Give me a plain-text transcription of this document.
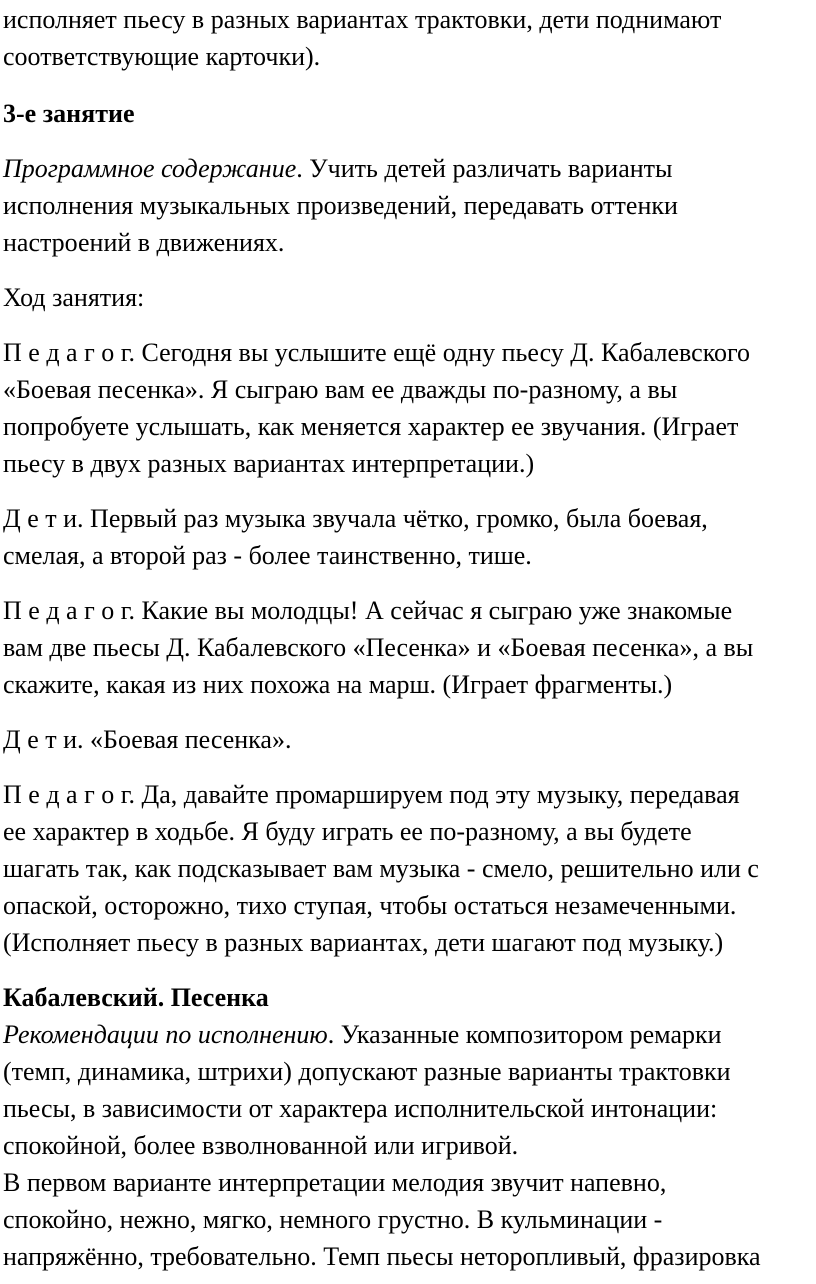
исполняет пьесу в разных вариантах трактовки, дети поднимают
соответствующие карточки).
3-е занятие
Программное содержание. Учить детей различать варианты
исполнения музыкальных произведений, передавать оттенки
настроений в движениях.
Ход занятия:
П е д а г о г. Сегодня вы услышите ещё одну пьесу Д. Кабалевского
«Боевая песенка». Я сыграю вам ее дважды по-разному, а вы
попробуете услышать, как меняется характер ее звучания. (Играет
пьесу в двух разных вариантах интерпретации.)
Д е т и. Первый раз музыка звучала чётко, громко, была боевая,
смелая, а второй раз - более таинственно, тише.
П е д а г о г. Какие вы молодцы! А сейчас я сыграю уже знакомые
вам две пьесы Д. Кабалевского «Песенка» и «Боевая песенка», а вы
скажите, какая из них похожа на марш. (Играет фрагменты.)
Д е т и. «Боевая песенка».
П е д а г о г. Да, давайте промаршируем под эту музыку, передавая
ее характер в ходьбе. Я буду играть ее по-разному, а вы будете
шагать так, как подсказывает вам музыка - смело, решительно или с
опаской, осторожно, тихо ступая, чтобы остаться незамеченными.
(Исполняет пьесу в разных вариантах, дети шагают под музыку.)
Кабалевский. Песенка
Рекомендации по исполнению. Указанные композитором ремарки
(темп, динамика, штрихи) допускают разные варианты трактовки
пьесы, в зависимости от характера исполнительской интонации:
спокойной, более взволнованной или игривой.
В первом варианте интерпретации мелодия звучит напевно,
спокойно, нежно, мягко, немного грустно. В кульминации -
напряжённо, требовательно. Темп пьесы неторопливый, фразировка
